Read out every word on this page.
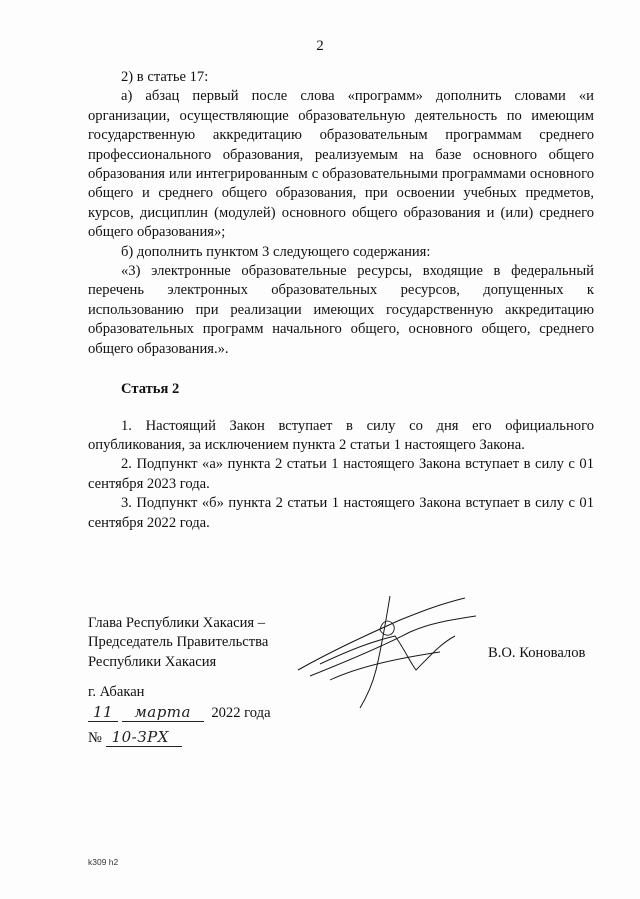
2

2) в статье 17:

а) абзац первый после слова «программ» дополнить словами «и организации, осуществляющие образовательную деятельность по имеющим государственную аккредитацию образовательным программам среднего профессионального образования, реализуемым на базе основного общего образования или интегрированным с образовательными программами основного общего и среднего общего образования, при освоении учебных предметов, курсов, дисциплин (модулей) основного общего образования и (или) среднего общего образования»;

б) дополнить пунктом 3 следующего содержания:

«3) электронные образовательные ресурсы, входящие в федеральный перечень электронных образовательных ресурсов, допущенных к использованию при реализации имеющих государственную аккредитацию образовательных программ начального общего, основного общего, среднего общего образования.».

Статья 2

1. Настоящий Закон вступает в силу со дня его официального опубликования, за исключением пункта 2 статьи 1 настоящего Закона.

2. Подпункт «а» пункта 2 статьи 1 настоящего Закона вступает в силу с 01 сентября 2023 года.

3. Подпункт «б» пункта 2 статьи 1 настоящего Закона вступает в силу с 01 сентября 2022 года.

Глава Республики Хакасия –
Председатель Правительства
Республики Хакасия
В.О. Коновалов
г. Абакан
11 марта 2022 года
№ 10-ЗРХ
k309 h2
